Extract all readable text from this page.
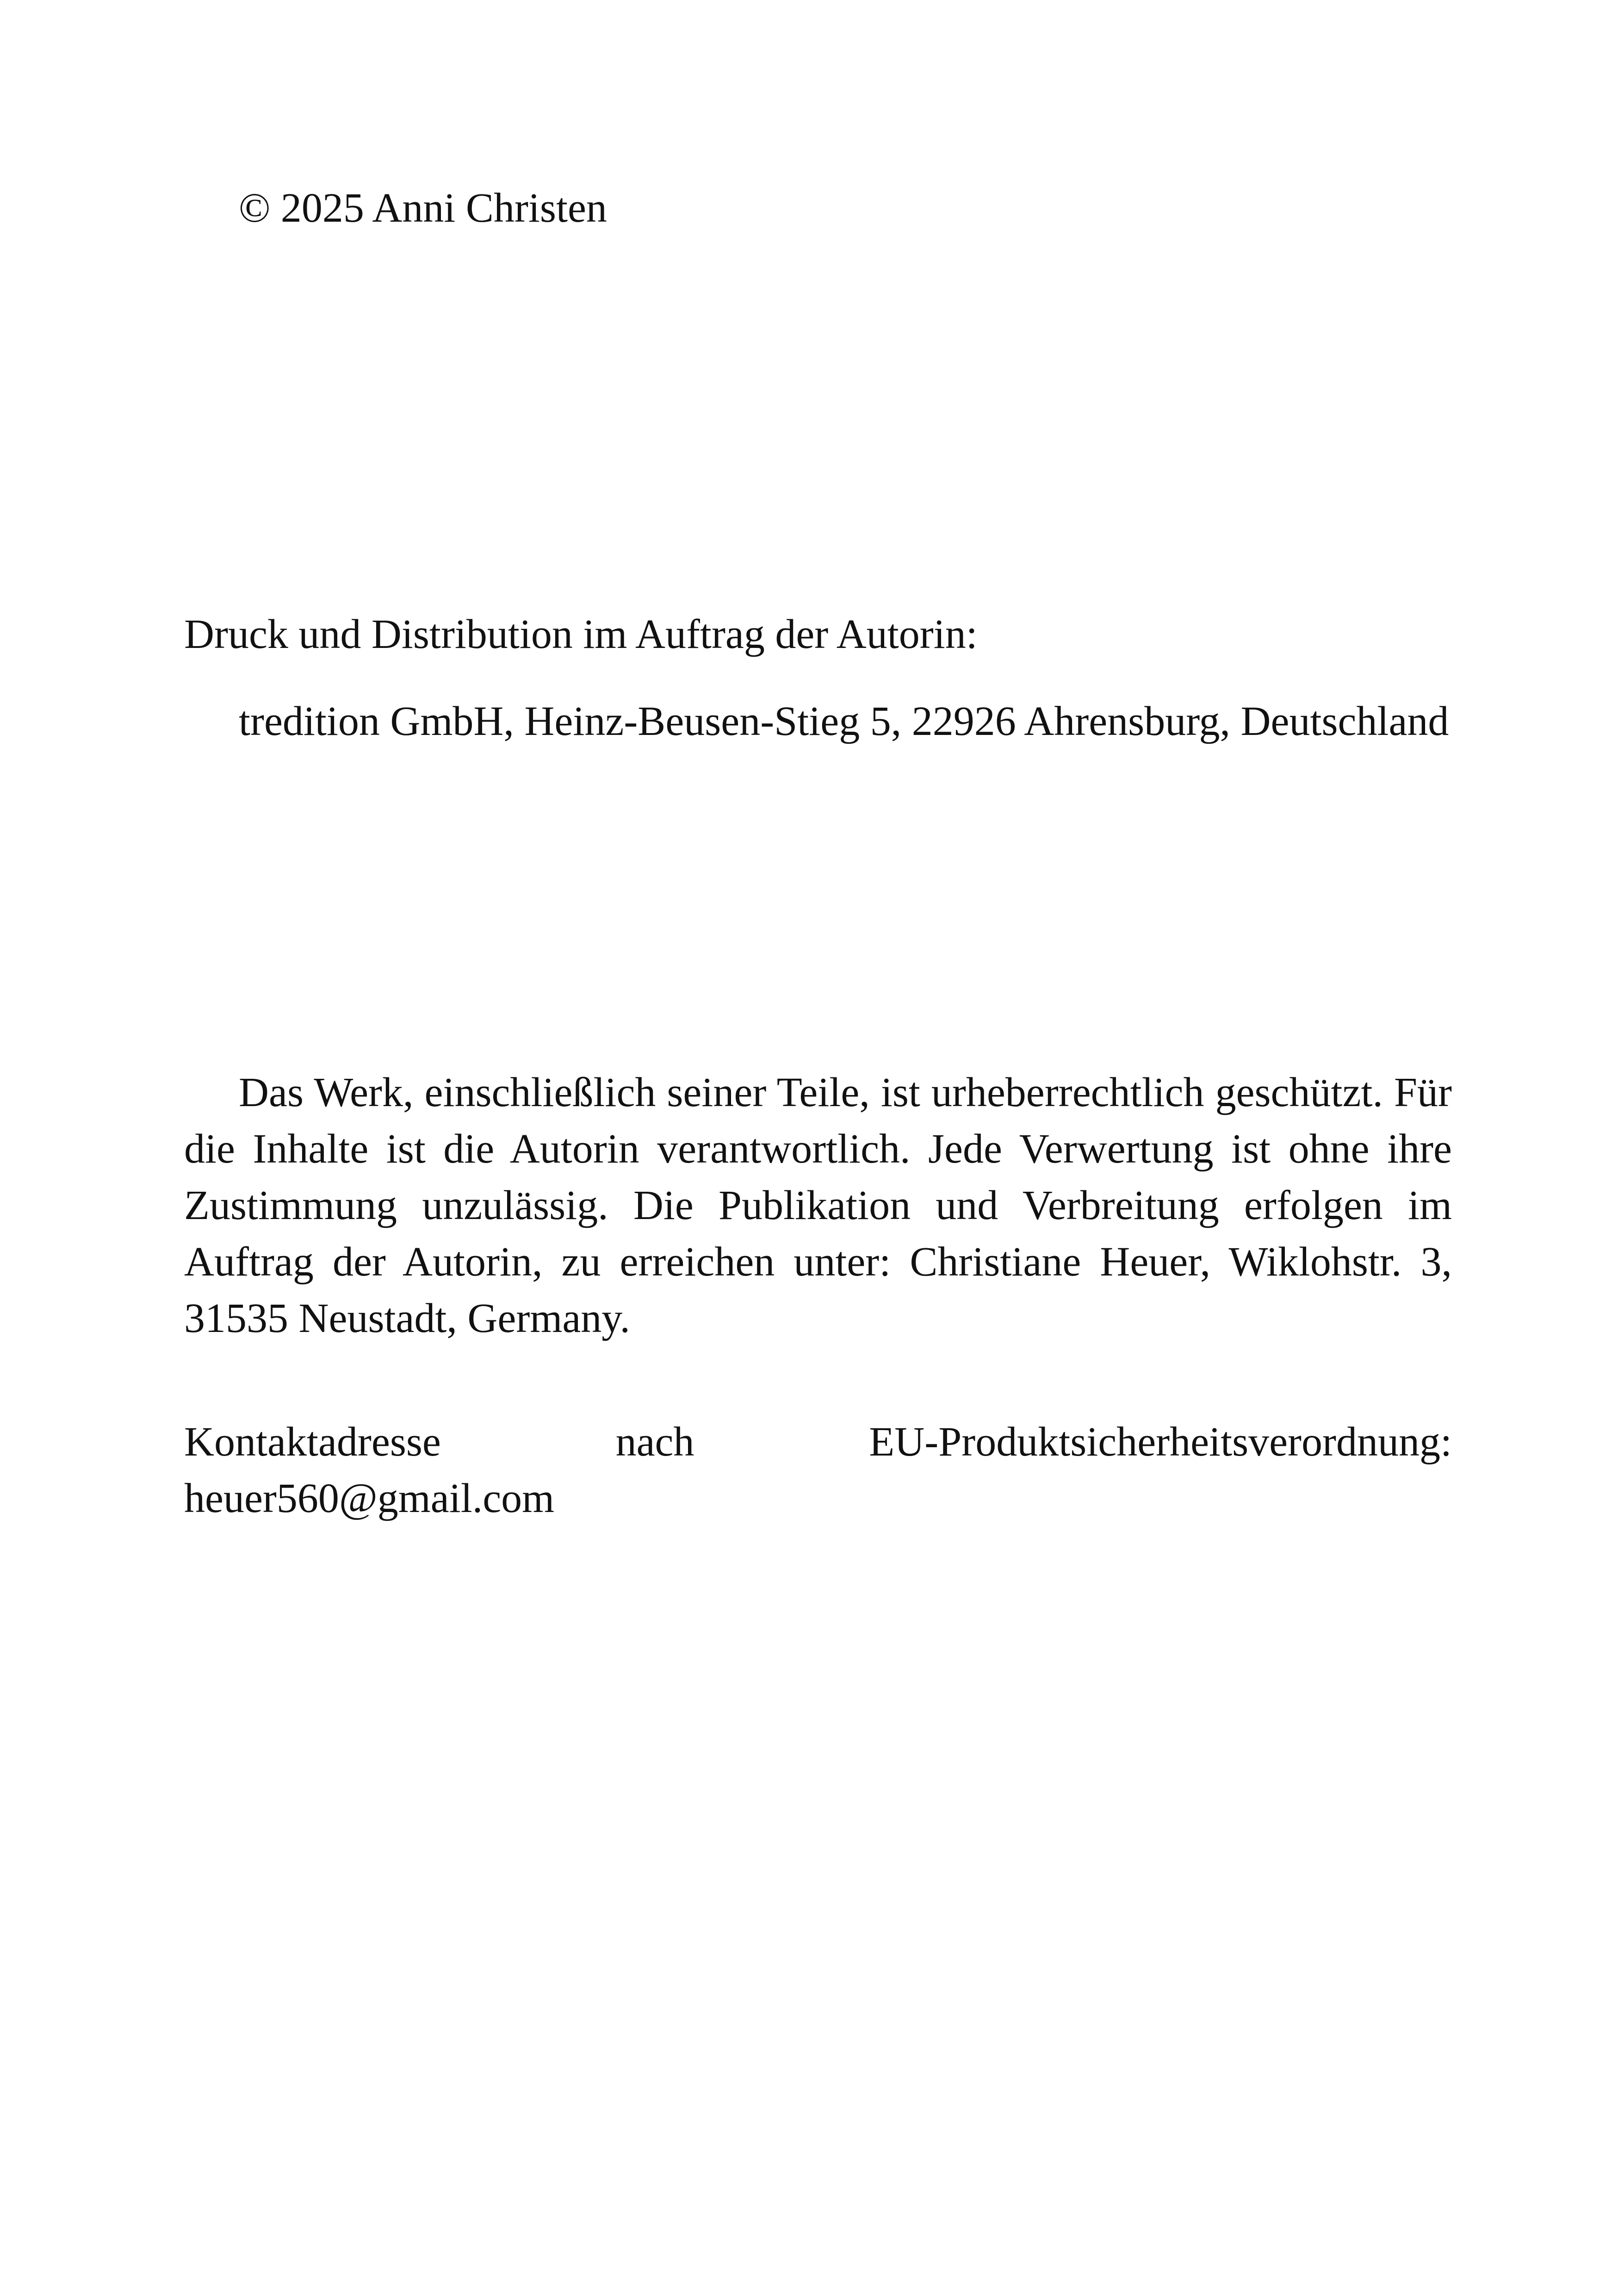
© 2025 Anni Christen
Druck und Distribution im Auftrag der Autorin:
tredition GmbH, Heinz-Beusen-Stieg 5, 22926 Ahrensburg, Deutschland
Das Werk, einschließlich seiner Teile, ist urheberrechtlich geschützt. Für die Inhalte ist die Autorin verantwortlich. Jede Verwertung ist ohne ihre Zustimmung unzulässig. Die Publikation und Verbreitung erfolgen im Auftrag der Autorin, zu erreichen unter: Christiane Heuer, Wiklohstr. 3, 31535 Neustadt, Germany.
Kontaktadresse	nach	EU-Produktsicherheitsverordnung:
heuer560@gmail.com
